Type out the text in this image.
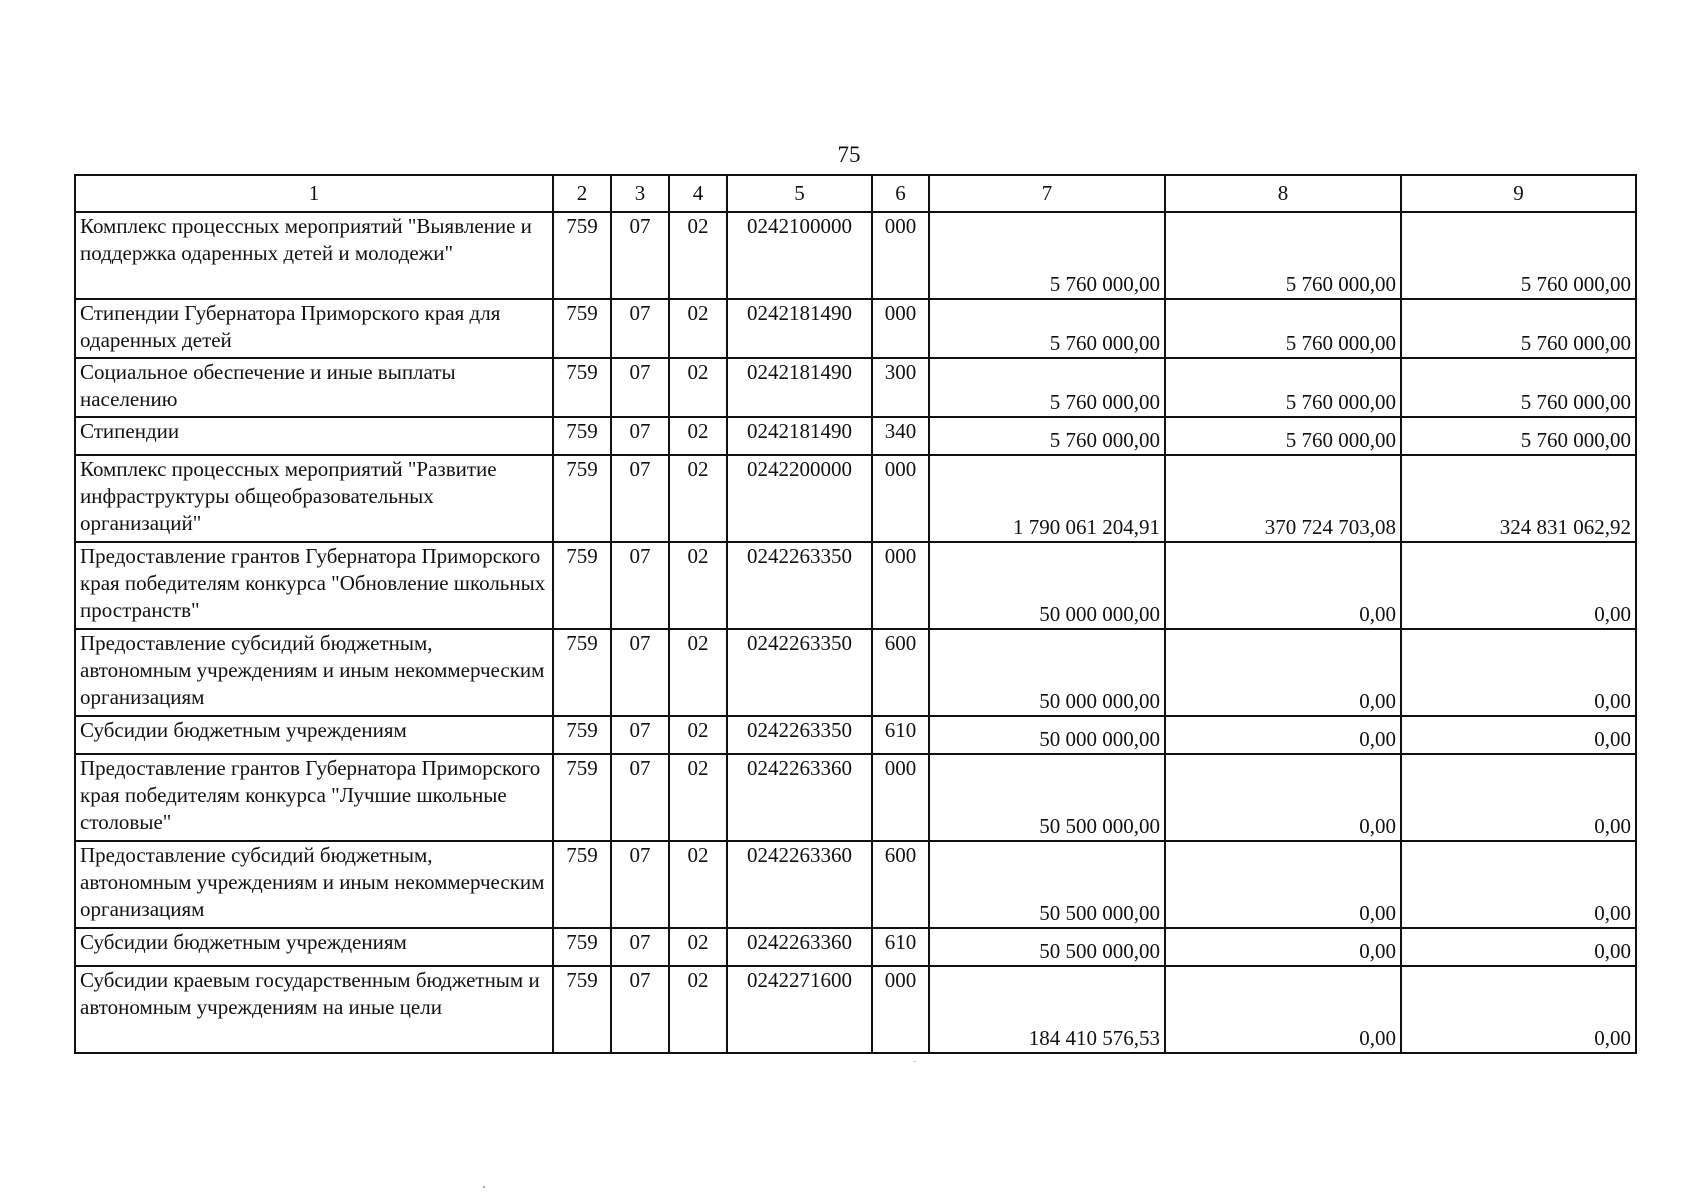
75
1	2	3	4	5	6	7	8	9
Комплекс процессных мероприятий "Выявление и поддержка одаренных детей и молодежи"	759	07	02	0242100000	000	5 760 000,00	5 760 000,00	5 760 000,00
Стипендии Губернатора Приморского края для одаренных детей	759	07	02	0242181490	000	5 760 000,00	5 760 000,00	5 760 000,00
Социальное обеспечение и иные выплаты населению	759	07	02	0242181490	300	5 760 000,00	5 760 000,00	5 760 000,00
Стипендии	759	07	02	0242181490	340	5 760 000,00	5 760 000,00	5 760 000,00
Комплекс процессных мероприятий "Развитие инфраструктуры общеобразовательных организаций"	759	07	02	0242200000	000	1 790 061 204,91	370 724 703,08	324 831 062,92
Предоставление грантов Губернатора Приморского края победителям конкурса "Обновление школьных пространств"	759	07	02	0242263350	000	50 000 000,00	0,00	0,00
Предоставление субсидий бюджетным, автономным учреждениям и иным некоммерческим организациям	759	07	02	0242263350	600	50 000 000,00	0,00	0,00
Субсидии бюджетным учреждениям	759	07	02	0242263350	610	50 000 000,00	0,00	0,00
Предоставление грантов Губернатора Приморского края победителям конкурса "Лучшие школьные столовые"	759	07	02	0242263360	000	50 500 000,00	0,00	0,00
Предоставление субсидий бюджетным, автономным учреждениям и иным некоммерческим организациям	759	07	02	0242263360	600	50 500 000,00	0,00	0,00
Субсидии бюджетным учреждениям	759	07	02	0242263360	610	50 500 000,00	0,00	0,00
Субсидии краевым государственным бюджетным и автономным учреждениям на иные цели	759	07	02	0242271600	000	184 410 576,53	0,00	0,00
